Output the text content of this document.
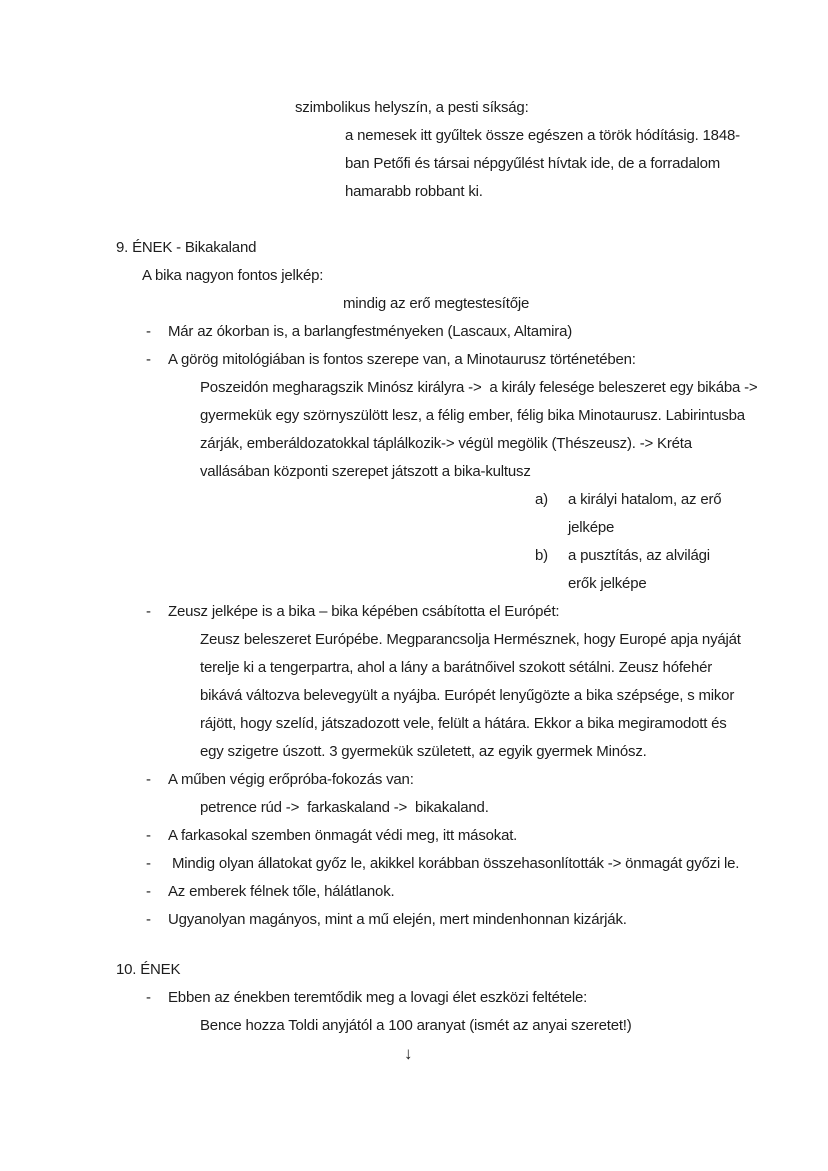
szimbolikus helyszín, a pesti síkság:
a nemesek itt gyűltek össze egészen a török hódításig. 1848-
ban Petőfi és társai népgyűlést hívtak ide, de a forradalom
hamarabb robbant ki.
9. ÉNEK - Bikakaland
A bika nagyon fontos jelkép:
mindig az erő megtestesítője
- Már az ókorban is, a barlangfestményeken (Lascaux, Altamira)
- A görög mitológiában is fontos szerepe van, a Minotaurusz történetében:
Poszeidón megharagszik Minósz királyra ->  a király felesége beleszeret egy bikába ->
gyermekük egy szörnyszülött lesz, a félig ember, félig bika Minotaurusz. Labirintusba
zárják, emberáldozatokkal táplálkozik-> végül megölik (Thészeusz). -> Kréta
vallásában központi szerepet játszott a bika-kultusz
a) a királyi hatalom, az erő
jelképe
b) a pusztítás, az alvilági
erők jelképe
- Zeusz jelképe is a bika – bika képében csábította el Európét:
Zeusz beleszeret Európébe. Megparancsolja Hermésznek, hogy Europé apja nyáját
terelje ki a tengerpartra, ahol a lány a barátnőivel szokott sétálni. Zeusz hófehér
bikává változva belevegyült a nyájba. Európét lenyűgözte a bika szépsége, s mikor
rájött, hogy szelíd, játszadozott vele, felült a hátára. Ekkor a bika megiramodott és
egy szigetre úszott. 3 gyermekük született, az egyik gyermek Minósz.
- A műben végig erőpróba-fokozás van:
petrence rúd ->  farkaskaland ->  bikakaland.
- A farkasokal szemben önmagát védi meg, itt másokat.
- Mindig olyan állatokat győz le, akikkel korábban összehasonlították -> önmagát győzi le.
- Az emberek félnek tőle, hálátlanok.
- Ugyanolyan magányos, mint a mű elején, mert mindenhonnan kizárják.
10. ÉNEK
- Ebben az énekben teremtődik meg a lovagi élet eszközi feltétele:
Bence hozza Toldi anyjától a 100 aranyat (ismét az anyai szeretet!)
↓
